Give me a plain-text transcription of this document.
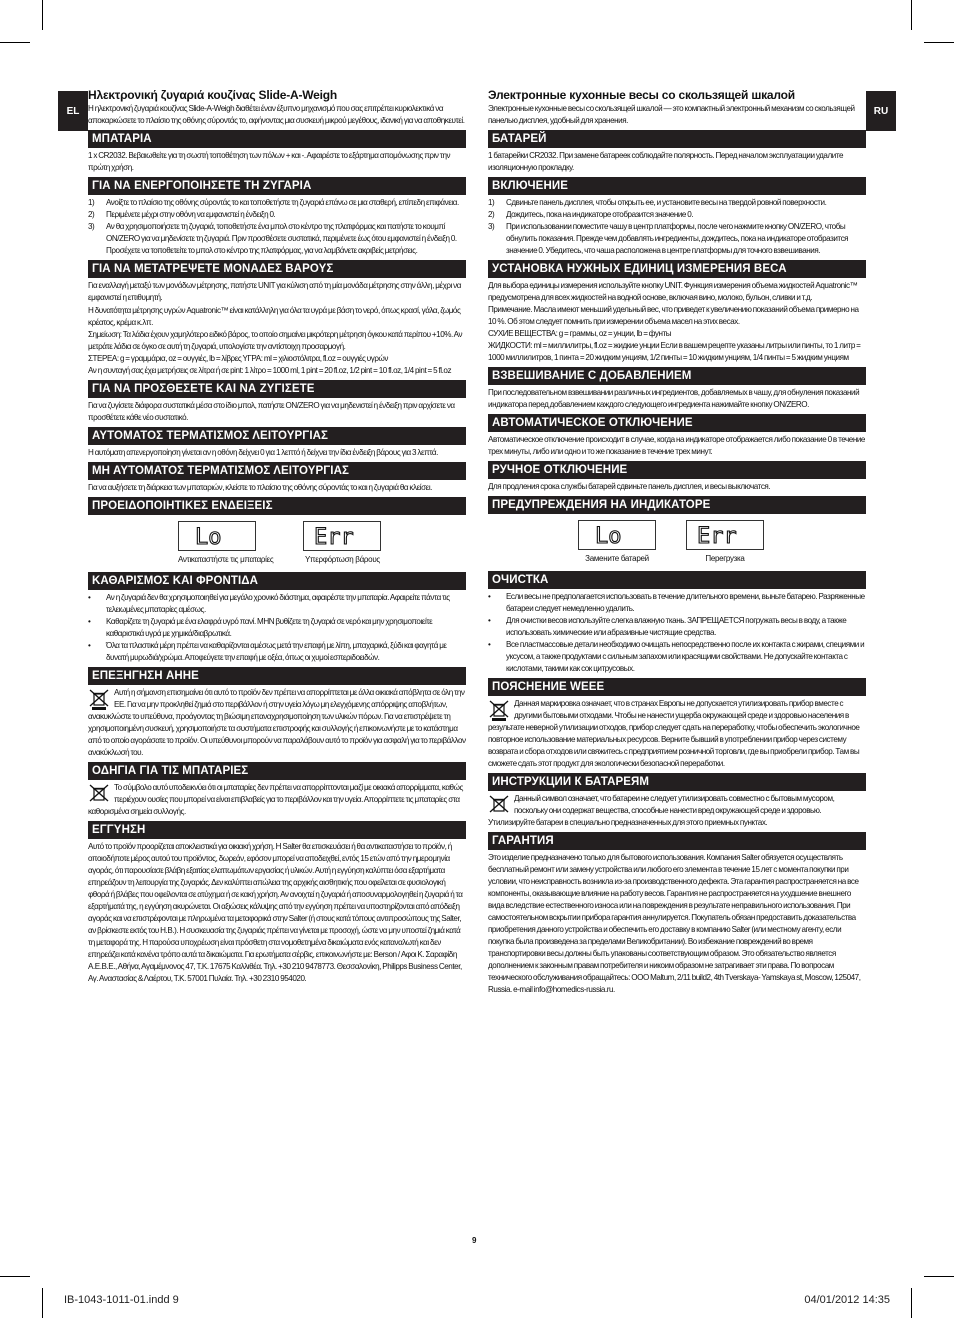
EL	RU
Ηλεκτρονική ζυγαριά κουζίνας Slide-A-Weigh
Η ηλεκτρονική ζυγαριά κουζίνας Slide-A-Weigh διαθέτει έναν έξυπνο μηχανισμό που σας επιτρέπει κυριολεκτικά να αποκαρκώσετε το πλαίσιο της οθόνης σύροντάς το, αφήνοντας μια συσκευή μικρού μεγέθους, ιδανική για να αποθηκευτεί.
ΜΠΑΤΑΡΙΑ
1 x CR2032. Βεβαιωθείτε για τη σωστή τοποθέτηση των πόλων + και -. Αφαιρέστε το εξάρτημα απομόνωσης πριν την πρώτη χρήση.
ΓΙΑ ΝΑ ΕΝΕΡΓΟΠΟΙΗΣΕΤΕ ΤΗ ΖΥΓΑΡΙΑ
1) Ανοίξτε το πλαίσιο της οθόνης σύροντάς το και τοποθετήστε τη ζυγαριά επάνω σε μια σταθερή, επίπεδη επιφάνεια.
2) Περιμένετε μέχρι στην οθόνη να εμφανιστεί η ένδειξη 0.
3) Αν θα χρησιμοποιήσετε τη ζυγαριά, τοποθετήστε ένα μπολ στο κέντρο της πλατφόρμας και πατήστε το κουμπί ON/ZERO για να μηδενίσετε τη ζυγαριά. Πριν προσθέσετε συστατικά, περιμένετε έως ότου εμφανιστεί η ένδειξη 0. Προσέχετε να τοποθετείτε το μπολ στο κέντρο της πλατφόρμας, για να λαμβάνετε ακριβείς μετρήσεις.
ΓΙΑ ΝΑ ΜΕΤΑΤΡΕΨΕΤΕ ΜΟΝΑΔΕΣ ΒΑΡΟΥΣ
Για εναλλαγή μεταξύ των μονάδων μέτρησης, πατήστε UNIT για κύλιση από τη μία μονάδα μέτρησης στην άλλη, μέχρι να εμφανιστεί η επιθυμητή.
Η δυνατότητα μέτρησης υγρών Aquatronic™ είναι κατάλληλη για όλα τα υγρά με βάση το νερό, όπως κρασί, γάλα, ζωμός κρέατος, κρέμα κ.λπ.
Σημείωση: Τα λάδια έχουν χαμηλότερο ειδικό βάρος, το οποίο σημαίνει μικρότερη μέτρηση όγκου κατά περίπου +10%. Αν μετράτε λάδια σε όγκο σε αυτή τη ζυγαριά, υπολογίστε την αντίστοιχη προσαρμογή.
ΣΤΕΡΕΑ: g = γραμμάρια, oz = ουγγιές, lb = λίβρες ΥΓΡΑ: ml = χιλιοστόλιτρα, fl.oz = ουγγιές υγρών
Αν η συνταγή σας έχει μετρήσεις σε λίτρα ή σε pint: 1 λίτρο = 1000 ml, 1 pint = 20 fl.oz, 1/2 pint = 10 fl.oz, 1/4 pint = 5 fl.oz
ΓΙΑ ΝΑ ΠΡΟΣΘΕΣΕΤΕ ΚΑΙ ΝΑ ΖΥΓΙΣΕΤΕ
Για να ζυγίσετε διάφορα συστατικά μέσα στο ίδιο μπολ, πατήστε ON/ZERO για να μηδενιστεί η ένδειξη πριν αρχίσετε να προσθέτετε κάθε νέο συστατικό.
ΑΥΤΟΜΑΤΟΣ ΤΕΡΜΑΤΙΣΜΟΣ ΛΕΙΤΟΥΡΓΙΑΣ
Η αυτόματη απενεργοποίηση γίνεται αν η οθόνη δείχνει 0 για 1 λεπτό ή δείχνει την ίδια ένδειξη βάρους για 3 λεπτά.
ΜΗ ΑΥΤΟΜΑΤΟΣ ΤΕΡΜΑΤΙΣΜΟΣ ΛΕΙΤΟΥΡΓΙΑΣ
Για να αυξήσετε τη διάρκεια των μπαταριών, κλείστε το πλαίσιο της οθόνης σύροντάς το και η ζυγαριά θα κλείσει.
ΠΡΟΕΙΔΟΠΟΙΗΤΙΚΕΣ ΕΝΔΕΙΞΕΙΣ
Lo
Αντικαταστήστε τις μπαταρίες
Err
Υπερφόρτωση βάρους
ΚΑΘΑΡΙΣΜΟΣ ΚΑΙ ΦΡΟΝΤΙΔΑ
• Αν η ζυγαριά δεν θα χρησιμοποιηθεί για μεγάλο χρονικό διάστημα, αφαιρέστε την μπαταρία. Αφαιρείτε πάντα τις τελειωμένες μπαταρίες αμέσως.
• Καθαρίζετε τη ζυγαριά με ένα ελαφρά υγρό πανί. ΜΗΝ βυθίζετε τη ζυγαριά σε νερό και μην χρησιμοποιείτε καθαριστικά υγρά με χημικά/διαβρωτικά.
• Όλα τα πλαστικά μέρη πρέπει να καθαρίζονται αμέσως μετά την επαφή με λίπη, μπαχαρικά, ξύδι και φαγητά με δυνατή μυρωδιά/χρώμα. Αποφεύγετε την επαφή με οξέα, όπως οι χυμοί εσπεριδοειδών.
ΕΠΕΞΗΓΗΣΗ AHHE
Αυτή η σήμανση επισημαίνει ότι αυτό το προϊόν δεν πρέπει να απορρίπτεται με άλλα οικιακά απόβλητα σε όλη την ΕΕ. Για να μην προκληθεί ζημιά στο περιβάλλον ή στην υγεία λόγω μη ελεγχόμενης απόρριψης αποβλήτων, ανακυκλώστε το υπεύθυνα, προάγοντας τη βιώσιμη επαναχρησιμοποίηση των υλικών πόρων. Για να επιστρέψετε τη χρησιμοποιημένη συσκευή, χρησιμοποιήστε τα συστήματα επιστροφής και συλλογής ή επικοινωνήστε με το κατάστημα από το οποίο αγοράσατε το προϊόν. Οι υπεύθυνοι μπορούν να παραλάβουν αυτό το προϊόν για ασφαλή για το περιβάλλον ανακύκλωσή του.
ΟΔΗΓΙΑ ΓΙΑ ΤΙΣ ΜΠΑΤΑΡΙΕΣ
Το σύμβολο αυτό υποδεικνύει ότι οι μπαταρίες δεν πρέπει να απορρίπτονται μαζί με οικιακά απορρίμματα, καθώς περιέχουν ουσίες που μπορεί να είναι επιβλαβείς για το περιβάλλον και την υγεία. Απορρίπτετε τις μπαταρίες στα καθορισμένα σημεία συλλογής.
ΕΓΓΥΗΣΗ
Αυτό το προϊόν προορίζεται αποκλειστικά για οικιακή χρήση. Η Salter θα επισκευάσει ή θα αντικαταστήσει το προϊόν, ή οποιοδήποτε μέρος αυτού του προϊόντος, δωρεάν, εφόσον μπορεί να αποδειχθεί, εντός 15 ετών από την ημερομηνία αγοράς, ότι παρουσίασε βλάβη εξαιτίας ελαττωμάτων εργασίας ή υλικών. Αυτή η εγγύηση καλύπτει όσα εξαρτήματα επηρεάζουν τη λειτουργία της ζυγαριάς. Δεν καλύπτει απώλεια της αρχικής αισθητικής που οφείλεται σε φυσιολογική φθορά ή βλάβες που οφείλονται σε ατύχημα ή σε κακή χρήση. Αν ανοιχτεί η ζυγαριά ή αποσυναρμολογηθεί η ζυγαριά ή τα εξαρτήματά της, η εγγύηση ακυρώνεται. Οι αξιώσεις κάλυψης από την εγγύηση πρέπει να υποστηρίζονται από απόδειξη αγοράς και να επιστρέφονται με πληρωμένα τα μεταφορικά στην Salter (ή στους κατά τόπους αντιπροσώπους της Salter, αν βρίσκεστε εκτός του Η.Β.). Η συσκευασία της ζυγαριάς πρέπει να γίνεται με προσοχή, ώστε να μην υποστεί ζημιά κατά τη μεταφορά της. Η παρούσα υποχρέωση είναι πρόσθετη στα νομοθετημένα δικαιώματα ενός καταναλωτή και δεν επηρεάζει κατά κανένα τρόπο αυτά τα δικαιώματα. Για ερωτήματα σέρβις, επικοινωνήστε με: Berson / Αφοι Κ. Σαραφίδη Α.Ε.Β.Ε., Αθήνα, Αγαμέμνονος 47, Τ.Κ. 17675 Καλλιθέα. Τηλ. +30 210 9478773. Θεσσαλονίκη, Philipps Business Center, Αγ. Αναστασίας & Λαέρτου, Τ.Κ. 57001 Πυλαία. Τηλ. +30 2310 954020.
Электронные кухонные весы со скользящей шкалой
Электронные кухонные весы со скользящей шкалой — это компактный электронный механизм со скользящей панелью дисплея, удобный для хранения.
БАТАРЕЙ
1 батарейки CR2032. При замене батареек соблюдайте полярность. Перед началом эксплуатации удалите изоляционную прокладку.
ВКЛЮЧЕНИЕ
1) Сдвиньте панель дисплея, чтобы открыть ее, и установите весы на твердой ровной поверхности.
2) Дождитесь, пока на индикаторе отобразится значение 0.
3) При использовании поместите чашу в центр платформы, после чего нажмите кнопку ON/ZERO, чтобы обнулить показания. Прежде чем добавлять ингредиенты, дождитесь, пока на индикаторе отобразится значение 0. Убедитесь, что чаша расположена в центре платформы для точного взвешивания.
УСТАНОВКА НУЖНЫХ ЕДИНИЦ ИЗМЕРЕНИЯ ВЕСА
Для выбора единицы измерения используйте кнопку UNIT. Функция измерения объема жидкостей Aquatronic™ предусмотрена для всех жидкостей на водной основе, включая вино, молоко, бульон, сливки и т.д.
Примечание. Масла имеют меньший удельный вес, что приведет к увеличению показаний объема примерно на 10 %. Об этом следует помнить при измерении объема масел на этих весах.
СУХИЕ ВЕЩЕСТВА: g = граммы, oz = унции, lb = фунты
ЖИДКОСТИ: ml = миллилитры, fl.oz = жидкие унции Если в вашем рецепте указаны литры или пинты, то 1 литр = 1000 миллилитров, 1 пинта = 20 жидким унциям, 1/2 пинты = 10 жидким унциям, 1/4 пинты = 5 жидким унциям
ВЗВЕШИВАНИЕ С ДОБАВЛЕНИЕМ
При последовательном взвешивании различных ингредиентов, добавляемых в чашу, для обнуления показаний индикатора перед добавлением каждого следующего ингредиента нажимайте кнопку ON/ZERO.
АВТОМАТИЧЕСКОЕ ОТКЛЮЧЕНИЕ
Автоматическое отключение происходит в случае, когда на индикаторе отображается либо показание 0 в течение трех минуты, либо или одно и то же показание в течение трех минут.
РУЧНОЕ ОТКЛЮЧЕНИЕ
Для продления срока службы батарей сдвиньте панель дисплея, и весы выключатся.
ПРЕДУПРЕЖДЕНИЯ НА ИНДИКАТОРЕ
Lo
Замените батарей
Err
Перегрузка
ОЧИСТКА
• Если весы не предполагается использовать в течение длительного времени, выньте батарею. Разряженные батареи следует немедленно удалить.
• Для очистки весов используйте слегка влажную ткань. ЗАПРЕЩАЕТСЯ погружать весы в воду, а также использовать химические или абразивные чистящие средства.
• Все пластмассовые детали необходимо очищать непосредственно после их контакта с жирами, специями и уксусом, а также продуктами с сильным запахом или красящими свойствами. Не допускайте контакта с кислотами, такими как сок цитрусовых.
ПОЯСНЕНИЕ WEEE
Данная маркировка означает, что в странах Европы не допускается утилизировать прибор вместе с другими бытовыми отходами. Чтобы не нанести ущерба окружающей среде и здоровью населения в результате неверной утилизации отходов, прибор следует сдать на переработку, чтобы обеспечить экологичное повторное использование материальных ресурсов. Верните бывший в употреблении прибор через систему возврата и сбора отходов или свяжитесь с предприятием розничной торговли, где вы приобрели прибор. Там вы сможете сдать этот продукт для экологически безопасной переработки.
ИНСТРУКЦИИ К БАТАРЕЯМ
Данный символ означает, что батареи не следует утилизировать совместно с бытовым мусором, поскольку они содержат вещества, способные нанести вред окружающей среде и здоровью. Утилизируйте батареи в специально предназначенных для этого приемных пунктах.
ГАРАНТИЯ
Это изделие предназначено только для бытового использования. Компания Salter обязуется осуществлять бесплатный ремонт или замену устройства или любого его элемента в течение 15 лет с момента покупки при условии, что неисправность возникла из-за производственного дефекта. Эта гарантия распространяется на все компоненты, оказывающие влияние на работу весов. Гарантия не распространяется на ухудшение внешнего вида вследствие естественного износа или на повреждения в результате неправильного использования. При самостоятельном вскрытии прибора гарантия аннулируется. Покупатель обязан предоставить доказательства приобретения данного устройства и обеспечить его доставку в компанию Salter (или местному агенту, если покупка была произведена за пределами Великобритании). Во избежание повреждений во время транспортировки весы должны быть упакованы соответствующим образом. Это обязательство является дополнением к законным правам потребителя и никоим образом не затрагивает эти права. По вопросам технического обслуживания обращайтесь: ООО Maltum, 2/11 build2, 4th Tverskaya- Yamskaya st, Moscow, 125047, Russia. e-mail info@homedics-russia.ru.
9
IB-1043-1011-01.indd 9	04/01/2012 14:35
